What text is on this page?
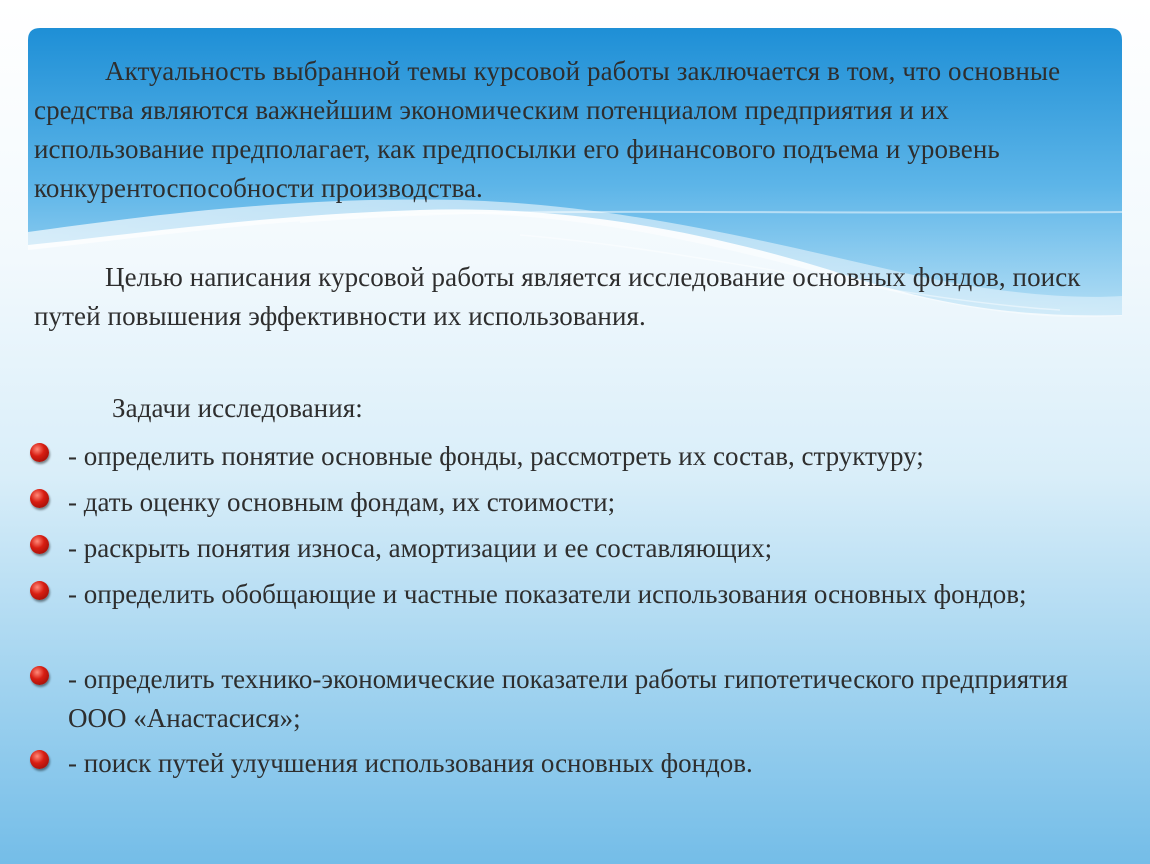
Актуальность выбранной темы курсовой работы заключается в том, что основные средства являются важнейшим экономическим потенциалом предприятия и их использование предполагает, как предпосылки его финансового подъема и уровень конкурентоспособности производства.
Целью написания курсовой работы является исследование основных фондов, поиск путей повышения эффективности их использования.
Задачи исследования:
- определить понятие основные фонды, рассмотреть их состав, структуру;
- дать оценку основным фондам, их стоимости;
- раскрыть понятия износа, амортизации и ее составляющих;
- определить обобщающие и частные показатели использования основных фондов;
- определить технико-экономические показатели работы гипотетического предприятия ООО «Анастасися»;
- поиск путей улучшения использования основных фондов.
